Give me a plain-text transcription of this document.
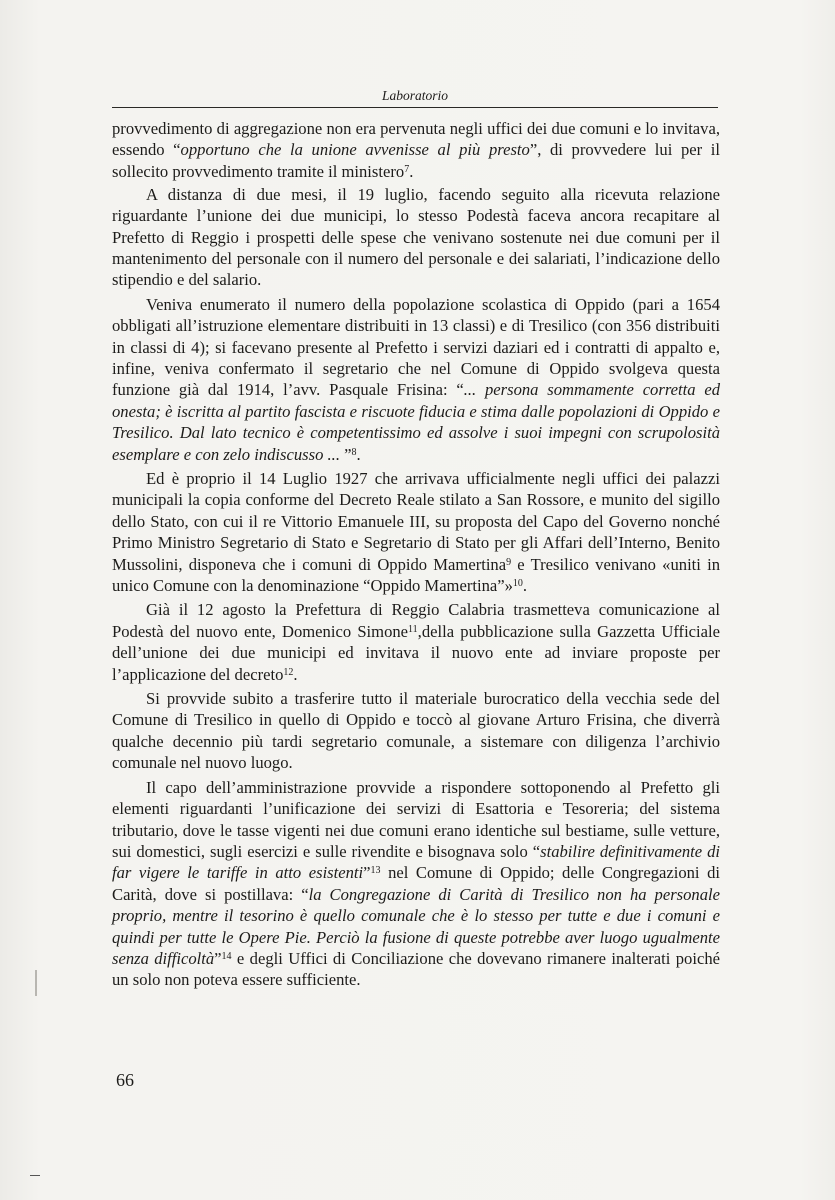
Laboratorio

provvedimento di aggregazione non era pervenuta negli uffici dei due comuni e lo invitava, essendo “opportuno che la unione avvenisse al più presto”, di provvedere lui per il sollecito provvedimento tramite il ministero$^7$.

A distanza di due mesi, il 19 luglio, facendo seguito alla ricevuta relazione riguardante l’unione dei due municipi, lo stesso Podestà faceva ancora recapitare al Prefetto di Reggio i prospetti delle spese che venivano sostenute nei due comuni per il mantenimento del personale con il numero del personale e dei salariati, l’indicazione dello stipendio e del salario.

Veniva enumerato il numero della popolazione scolastica di Oppido (pari a 1654 obbligati all’istruzione elementare distribuiti in 13 classi) e di Tresilico (con 356 distribuiti in classi di 4); si facevano presente al Prefetto i servizi daziari ed i contratti di appalto e, infine, veniva confermato il segretario che nel Comune di Oppido svolgeva questa funzione già dal 1914, l’avv. Pasquale Frisina: “... persona sommamente corretta ed onesta; è iscritta al partito fascista e riscuote fiducia e stima dalle popolazioni di Oppido e Tresilico. Dal lato tecnico è competentissimo ed assolve i suoi impegni con scrupolosità esemplare e con zelo indiscusso ... ”$^8$.

Ed è proprio il 14 Luglio 1927 che arrivava ufficialmente negli uffici dei palazzi municipali la copia conforme del Decreto Reale stilato a San Rossore, e munito del sigillo dello Stato, con cui il re Vittorio Emanuele III, su proposta del Capo del Governo nonché Primo Ministro Segretario di Stato e Segretario di Stato per gli Affari dell’Interno, Benito Mussolini, disponeva che i comuni di Oppido Mamertina$^9$ e Tresilico venivano «uniti in unico Comune con la denominazione “Oppido Mamertina”»$^{10}$.

Già il 12 agosto la Prefettura di Reggio Calabria trasmetteva comunicazione al Podestà del nuovo ente, Domenico Simone$^{11}$,della pubblicazione sulla Gazzetta Ufficiale dell’unione dei due municipi ed invitava il nuovo ente ad inviare proposte per l’applicazione del decreto$^{12}$.

Si provvide subito a trasferire tutto il materiale burocratico della vecchia sede del Comune di Tresilico in quello di Oppido e toccò al giovane Arturo Frisina, che diverrà qualche decennio più tardi segretario comunale, a sistemare con diligenza l’archivio comunale nel nuovo luogo.

Il capo dell’amministrazione provvide a rispondere sottoponendo al Prefetto gli elementi riguardanti l’unificazione dei servizi di Esattoria e Tesoreria; del sistema tributario, dove le tasse vigenti nei due comuni erano identiche sul bestiame, sulle vetture, sui domestici, sugli esercizi e sulle rivendite e bisognava solo “stabilire definitivamente di far vigere le tariffe in atto esistenti”$^{13}$ nel Comune di Oppido; delle Congregazioni di Carità, dove si postillava: “la Congregazione di Carità di Tresilico non ha personale proprio, mentre il tesorino è quello comunale che è lo stesso per tutte e due i comuni e quindi per tutte le Opere Pie. Perciò la fusione di queste potrebbe aver luogo ugualmente senza difficoltà”$^{14}$ e degli Uffici di Conciliazione che dovevano rimanere inalterati poiché un solo non poteva essere sufficiente.

66
